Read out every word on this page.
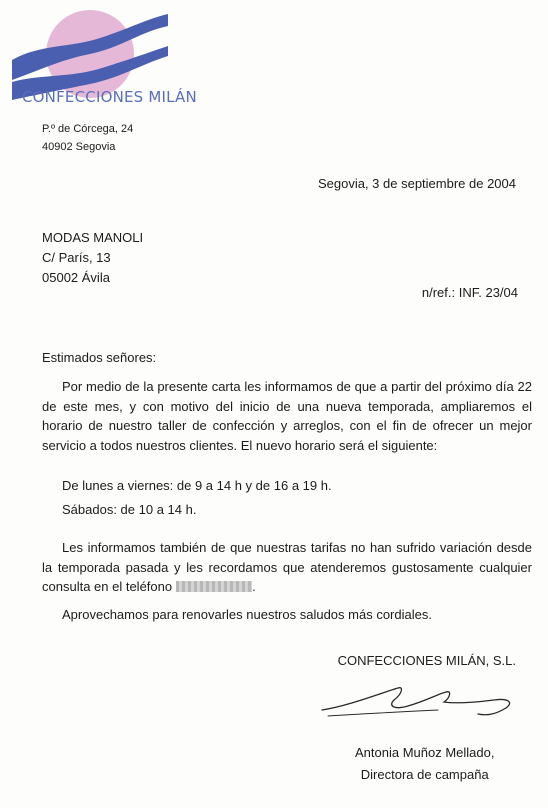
CONFECCIONES MILÁN
P.º de Córcega, 24
40902 Segovia
Segovia, 3 de septiembre de 2004
MODAS MANOLI
C/ París, 13
05002 Ávila
n/ref.: INF. 23/04
Estimados señores:
Por medio de la presente carta les informamos de que a partir del próximo día 22 de este mes, y con motivo del inicio de una nueva temporada, ampliaremos el horario de nuestro taller de confección y arreglos, con el fin de ofrecer un mejor servicio a todos nuestros clientes. El nuevo horario será el siguiente:
De lunes a viernes: de 9 a 14 h y de 16 a 19 h.
Sábados: de 10 a 14 h.
Les informamos también de que nuestras tarifas no han sufrido variación desde la temporada pasada y les recordamos que atenderemos gustosamente cualquier consulta en el teléfono	.
Aprovechamos para renovarles nuestros saludos más cordiales.
CONFECCIONES MILÁN, S.L.
Antonia Muñoz Mellado,
Directora de campaña
